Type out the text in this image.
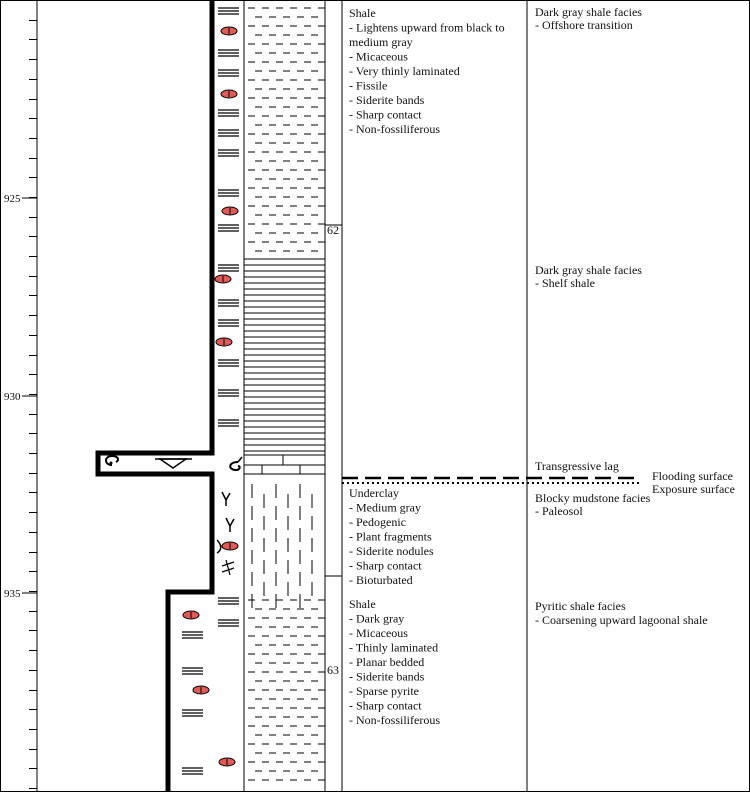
925
930
935
62
63
Shale
- Lightens upward from black to
medium gray
- Micaceous
- Very thinly laminated
- Fissile
- Siderite bands
- Sharp contact
- Non-fossiliferous
Underclay
- Medium gray
- Pedogenic
- Plant fragments
- Siderite nodules
- Sharp contact
- Bioturbated
Shale
- Dark gray
- Micaceous
- Thinly laminated
- Planar bedded
- Siderite bands
- Sparse pyrite
- Sharp contact
- Non-fossiliferous
Dark gray shale facies
- Offshore transition
Dark gray shale facies
- Shelf shale
Transgressive lag
Blocky mudstone facies
- Paleosol
Pyritic shale facies
- Coarsening upward lagoonal shale
Flooding surface
Exposure surface
